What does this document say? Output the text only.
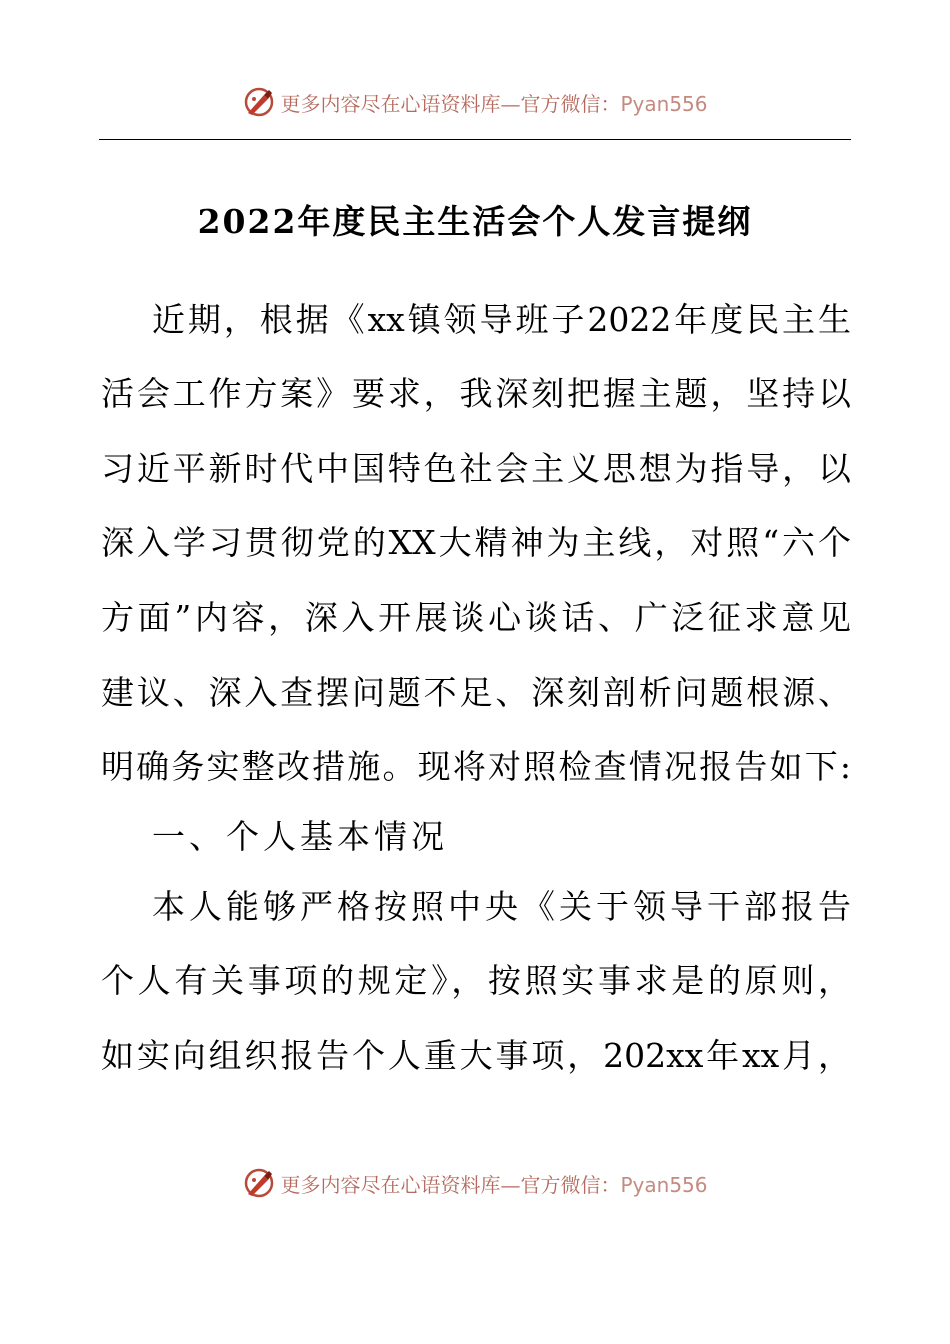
更多内容尽在心语资料库—官方微信：Pyan556
2022年度民主生活会个人发言提纲
近期，根据《xx镇领导班子2022年度民主生
活会工作方案》要求，我深刻把握主题，坚持以
习近平新时代中国特色社会主义思想为指导，以
深入学习贯彻党的XX大精神为主线，对照“六个
方面”内容，深入开展谈心谈话、广泛征求意见
建议、深入查摆问题不足、深刻剖析问题根源、
明确务实整改措施。现将对照检查情况报告如下:
一、个人基本情况
本人能够严格按照中央《关于领导干部报告
个人有关事项的规定》，按照实事求是的原则，
如实向组织报告个人重大事项，202xx年xx月，
更多内容尽在心语资料库—官方微信：Pyan556
